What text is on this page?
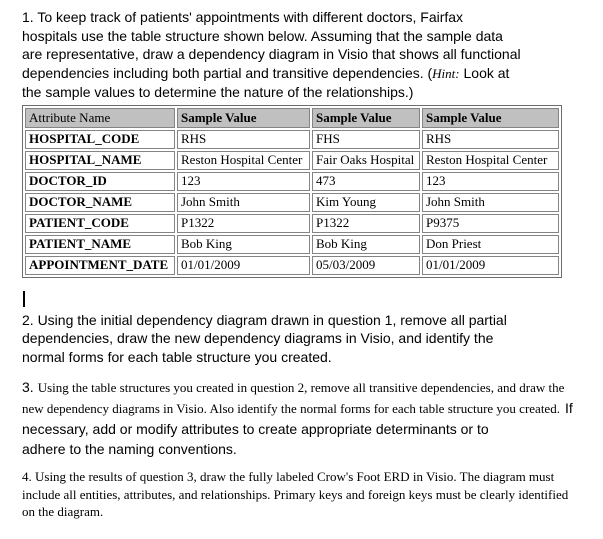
1. To keep track of patients' appointments with different doctors, Fairfax
hospitals use the table structure shown below. Assuming that the sample data
are representative, draw a dependency diagram in Visio that shows all functional
dependencies including both partial and transitive dependencies. (Hint: Look at
the sample values to determine the nature of the relationships.)
Attribute Name	Sample Value	Sample Value	Sample Value
HOSPITAL_CODE	RHS	FHS	RHS
HOSPITAL_NAME	Reston Hospital Center	Fair Oaks Hospital	Reston Hospital Center
DOCTOR_ID	123	473	123
DOCTOR_NAME	John Smith	Kim Young	John Smith
PATIENT_CODE	P1322	P1322	P9375
PATIENT_NAME	Bob King	Bob King	Don Priest
APPOINTMENT_DATE	01/01/2009	05/03/2009	01/01/2009
2. Using the initial dependency diagram drawn in question 1, remove all partial
dependencies, draw the new dependency diagrams in Visio, and identify the
normal forms for each table structure you created.
3. Using the table structures you created in question 2, remove all transitive dependencies, and draw the
new dependency diagrams in Visio. Also identify the normal forms for each table structure you created. If
necessary, add or modify attributes to create appropriate determinants or to
adhere to the naming conventions.
4. Using the results of question 3, draw the fully labeled Crow's Foot ERD in Visio. The diagram must
include all entities, attributes, and relationships. Primary keys and foreign keys must be clearly identified
on the diagram.
